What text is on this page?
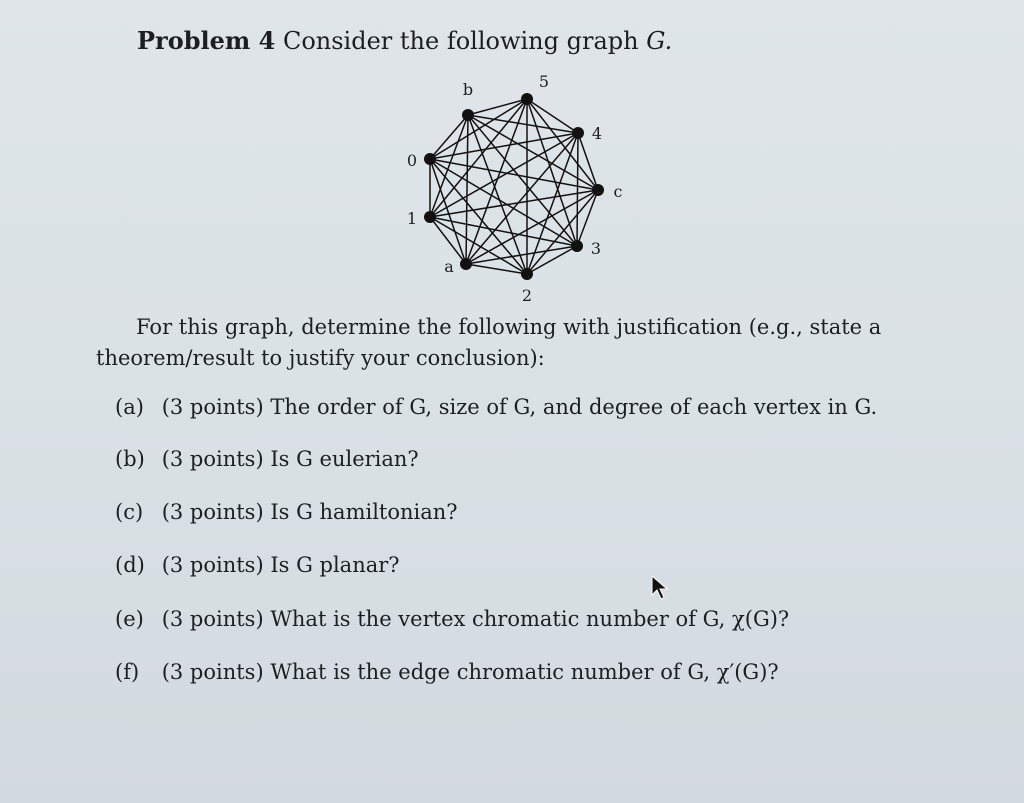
Problem 4 Consider the following graph G.
b	5
4
c
3
2
a
1
0
For this graph, determine the following with justification (e.g., state a
theorem/result to justify your conclusion):
(a) (3 points) The order of G, size of G, and degree of each vertex in G.
(b) (3 points) Is G eulerian?
(c) (3 points) Is G hamiltonian?
(d) (3 points) Is G planar?
(e) (3 points) What is the vertex chromatic number of G, χ(G)?
(f) (3 points) What is the edge chromatic number of G, χ′(G)?
